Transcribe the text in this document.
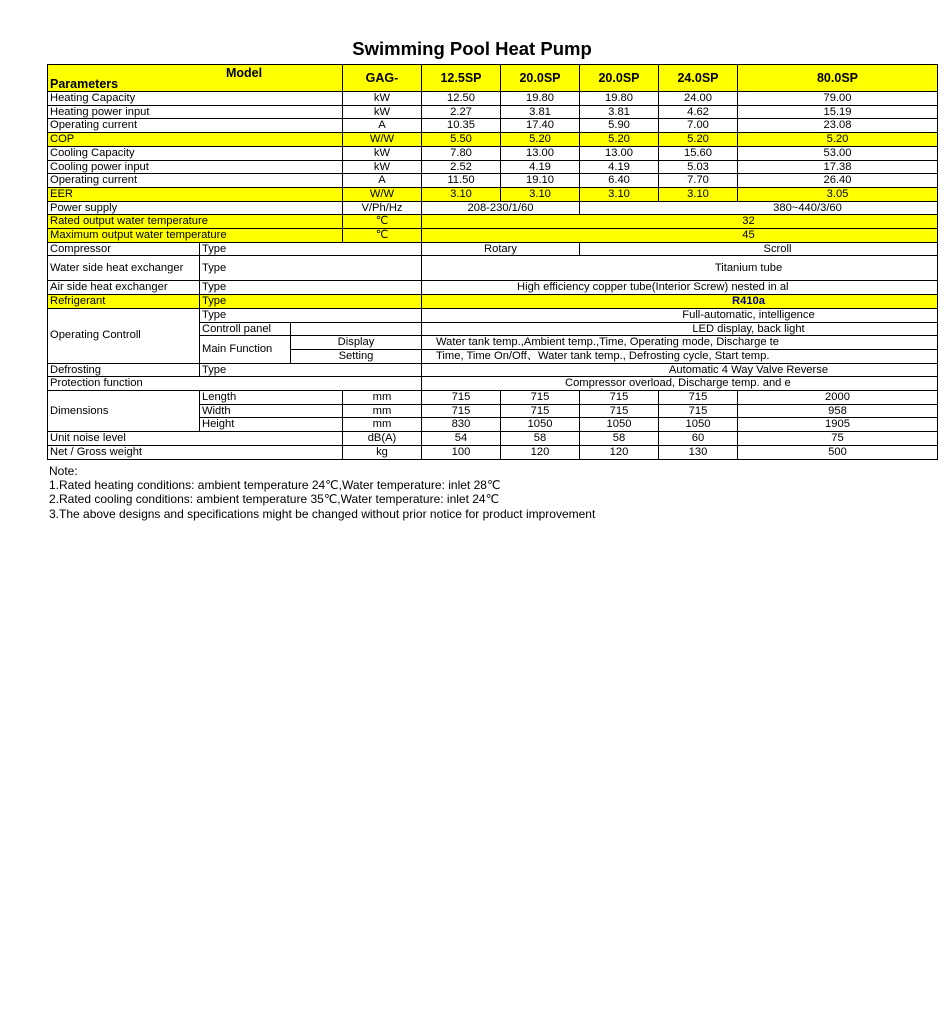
Swimming Pool Heat Pump
Model
Parameters			GAG-	12.5SP	20.0SP	20.0SP	24.0SP	80.0SP
Heating Capacity			kW	12.50	19.80	19.80	24.00	79.00
Heating power input			kW	2.27	3.81	3.81	4.62	15.19
Operating current			A	10.35	17.40	5.90	7.00	23.08
COP			W/W	5.50	5.20	5.20	5.20	5.20
Cooling Capacity			kW	7.80	13.00	13.00	15.60	53.00
Cooling power input			kW	2.52	4.19	4.19	5.03	17.38
Operating current			A	11.50	19.10	6.40	7.70	26.40
EER			W/W	3.10	3.10	3.10	3.10	3.05
Power supply			V/Ph/Hz	208-230/1/60		380~440/3/60		
Rated output water temperature			℃	32				
Maximum output water temperature			℃	45				
Compressor	Type			Rotary		Scroll		
Water side heat exchanger	Type			Titanium tube				
Air side heat exchanger	Type			High efficiency copper tube(Interior Screw) nested in al				
Refrigerant	Type			R410a				
Operating Controll	Type			Full-automatic, intelligence				
	Controll panel			LED display, back light				
	Main Function	Display		Water tank temp.,Ambient temp.,Time, Operating mode, Discharge te				
		Setting		Time, Time On/Off、Water tank temp., Defrosting cycle, Start temp.				
Defrosting	Type			Automatic 4 Way Valve Reverse				
Protection function				Compressor overload, Discharge temp. and e				
Dimensions	Length		mm	715	715	715	715	2000
	Width		mm	715	715	715	715	958
	Height		mm	830	1050	1050	1050	1905
Unit noise level			dB(A)	54	58	58	60	75
Net / Gross weight			kg	100	120	120	130	500
Note:
1.Rated heating conditions: ambient temperature 24℃,Water temperature: inlet 28℃
2.Rated cooling conditions: ambient temperature 35℃,Water temperature: inlet 24℃
3.The above designs and specifications might be changed without prior notice for product improvement
